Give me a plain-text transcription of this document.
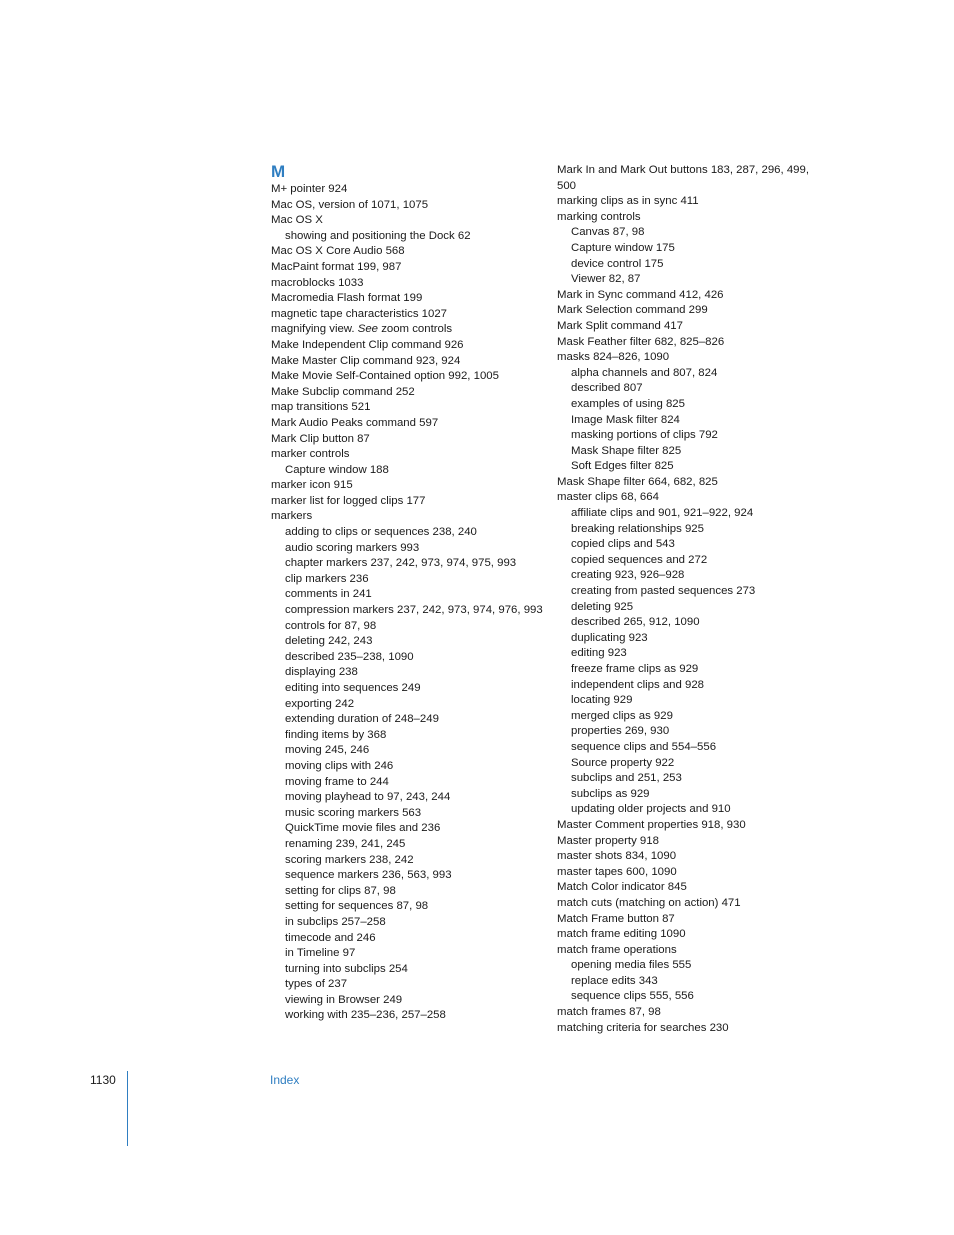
M
M+ pointer 924
Mac OS, version of 1071, 1075
Mac OS X
showing and positioning the Dock 62
Mac OS X Core Audio 568
MacPaint format 199, 987
macroblocks 1033
Macromedia Flash format 199
magnetic tape characteristics 1027
magnifying view. See zoom controls
Make Independent Clip command 926
Make Master Clip command 923, 924
Make Movie Self-Contained option 992, 1005
Make Subclip command 252
map transitions 521
Mark Audio Peaks command 597
Mark Clip button 87
marker controls
Capture window 188
marker icon 915
marker list for logged clips 177
markers
adding to clips or sequences 238, 240
audio scoring markers 993
chapter markers 237, 242, 973, 974, 975, 993
clip markers 236
comments in 241
compression markers 237, 242, 973, 974, 976, 993
controls for 87, 98
deleting 242, 243
described 235–238, 1090
displaying 238
editing into sequences 249
exporting 242
extending duration of 248–249
finding items by 368
moving 245, 246
moving clips with 246
moving frame to 244
moving playhead to 97, 243, 244
music scoring markers 563
QuickTime movie files and 236
renaming 239, 241, 245
scoring markers 238, 242
sequence markers 236, 563, 993
setting for clips 87, 98
setting for sequences 87, 98
in subclips 257–258
timecode and 246
in Timeline 97
turning into subclips 254
types of 237
viewing in Browser 249
working with 235–236, 257–258
Mark In and Mark Out buttons 183, 287, 296, 499, 500
marking clips as in sync 411
marking controls
Canvas 87, 98
Capture window 175
device control 175
Viewer 82, 87
Mark in Sync command 412, 426
Mark Selection command 299
Mark Split command 417
Mask Feather filter 682, 825–826
masks 824–826, 1090
alpha channels and 807, 824
described 807
examples of using 825
Image Mask filter 824
masking portions of clips 792
Mask Shape filter 825
Soft Edges filter 825
Mask Shape filter 664, 682, 825
master clips 68, 664
affiliate clips and 901, 921–922, 924
breaking relationships 925
copied clips and 543
copied sequences and 272
creating 923, 926–928
creating from pasted sequences 273
deleting 925
described 265, 912, 1090
duplicating 923
editing 923
freeze frame clips as 929
independent clips and 928
locating 929
merged clips as 929
properties 269, 930
sequence clips and 554–556
Source property 922
subclips and 251, 253
subclips as 929
updating older projects and 910
Master Comment properties 918, 930
Master property 918
master shots 834, 1090
master tapes 600, 1090
Match Color indicator 845
match cuts (matching on action) 471
Match Frame button 87
match frame editing 1090
match frame operations
opening media files 555
replace edits 343
sequence clips 555, 556
match frames 87, 98
matching criteria for searches 230
1130	Index
